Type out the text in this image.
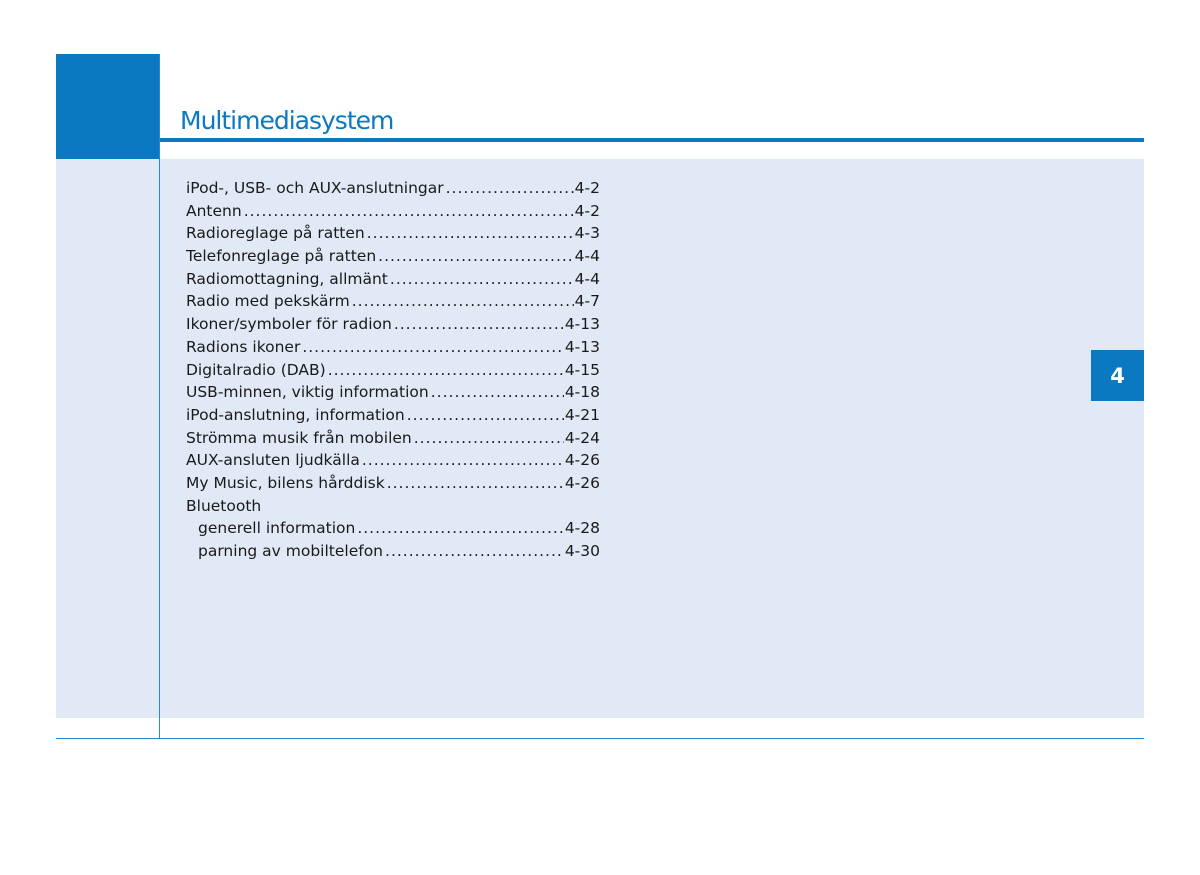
Multimediasystem
4
iPod-, USB- och AUX-anslutningar .....	4-2
Antenn .....	4-2
Radioreglage på ratten .....	4-3
Telefonreglage på ratten .....	4-4
Radiomottagning, allmänt .....	4-4
Radio med pekskärm .....	4-7
Ikoner/symboler för radion .....	4-13
Radions ikoner .....	4-13
Digitalradio (DAB) .....	4-15
USB-minnen, viktig information .....	4-18
iPod-anslutning, information .....	4-21
Strömma musik från mobilen .....	4-24
AUX-ansluten ljudkälla .....	4-26
My Music, bilens hårddisk .....	4-26
Bluetooth
generell information .....	4-28
parning av mobiltelefon .....	4-30
